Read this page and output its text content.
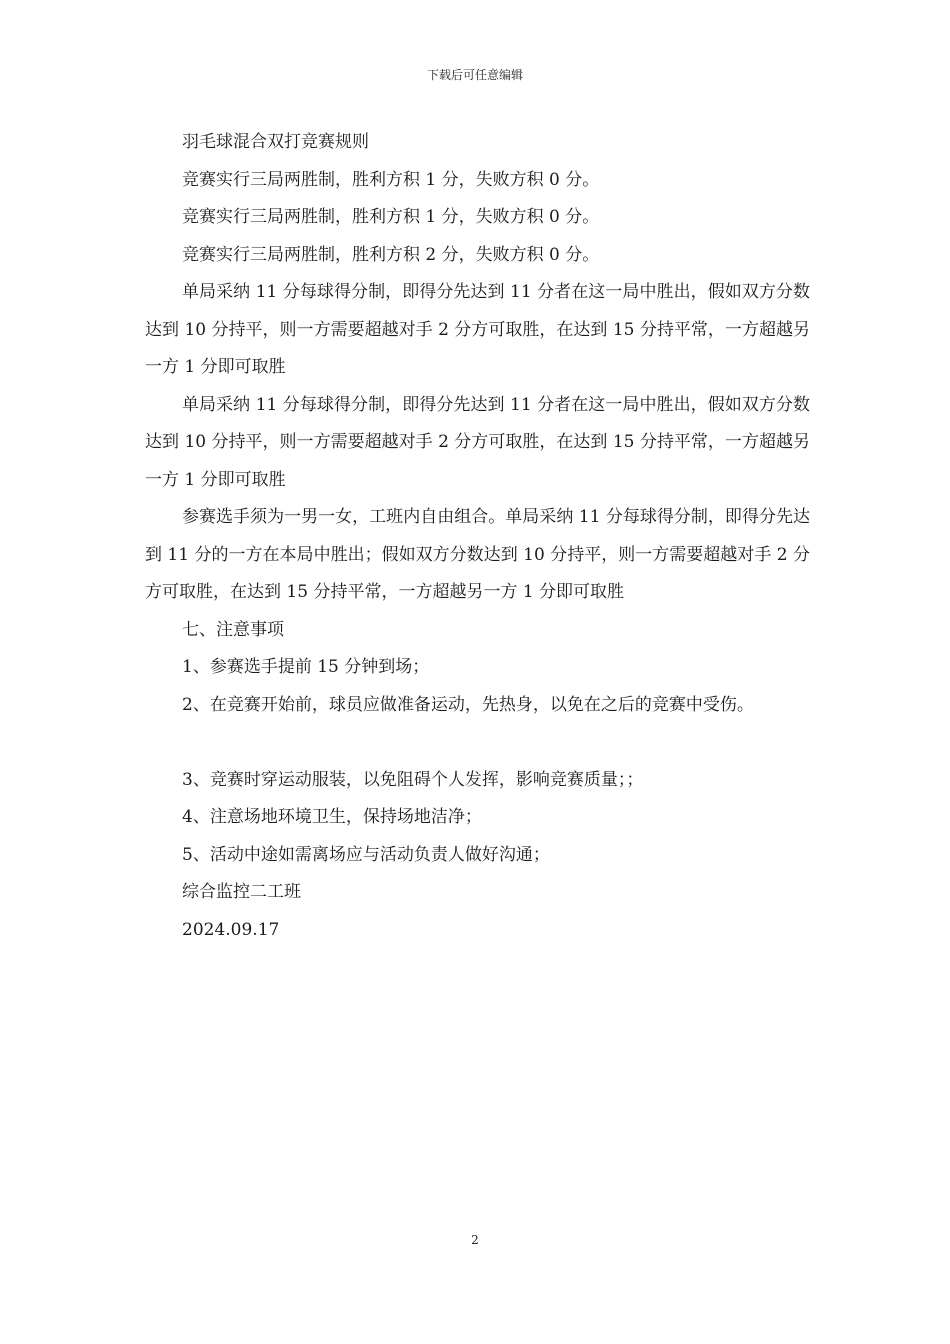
下载后可任意编辑
羽毛球混合双打竞赛规则
竞赛实行三局两胜制，胜利方积 1 分，失败方积 0 分。
竞赛实行三局两胜制，胜利方积 1 分，失败方积 0 分。
竞赛实行三局两胜制，胜利方积 2 分，失败方积 0 分。

单局采纳 11 分每球得分制，即得分先达到 11 分者在这一局中胜出，假如双方分数达到 10 分持平，则一方需要超越对手 2 分方可取胜，在达到 15 分持平常，一方超越另一方 1 分即可取胜

单局采纳 11 分每球得分制，即得分先达到 11 分者在这一局中胜出，假如双方分数达到 10 分持平，则一方需要超越对手 2 分方可取胜，在达到 15 分持平常，一方超越另一方 1 分即可取胜

参赛选手须为一男一女，工班内自由组合。单局采纳 11 分每球得分制，即得分先达到 11 分的一方在本局中胜出；假如双方分数达到 10 分持平，则一方需要超越对手 2 分方可取胜，在达到 15 分持平常，一方超越另一方 1 分即可取胜

七、注意事项
1、参赛选手提前 15 分钟到场；
2、在竞赛开始前，球员应做准备运动，先热身，以免在之后的竞赛中受伤。
3、竞赛时穿运动服装，以免阻碍个人发挥，影响竞赛质量；；
4、注意场地环境卫生，保持场地洁净；
5、活动中途如需离场应与活动负责人做好沟通；
综合监控二工班
2024.09.17
2
